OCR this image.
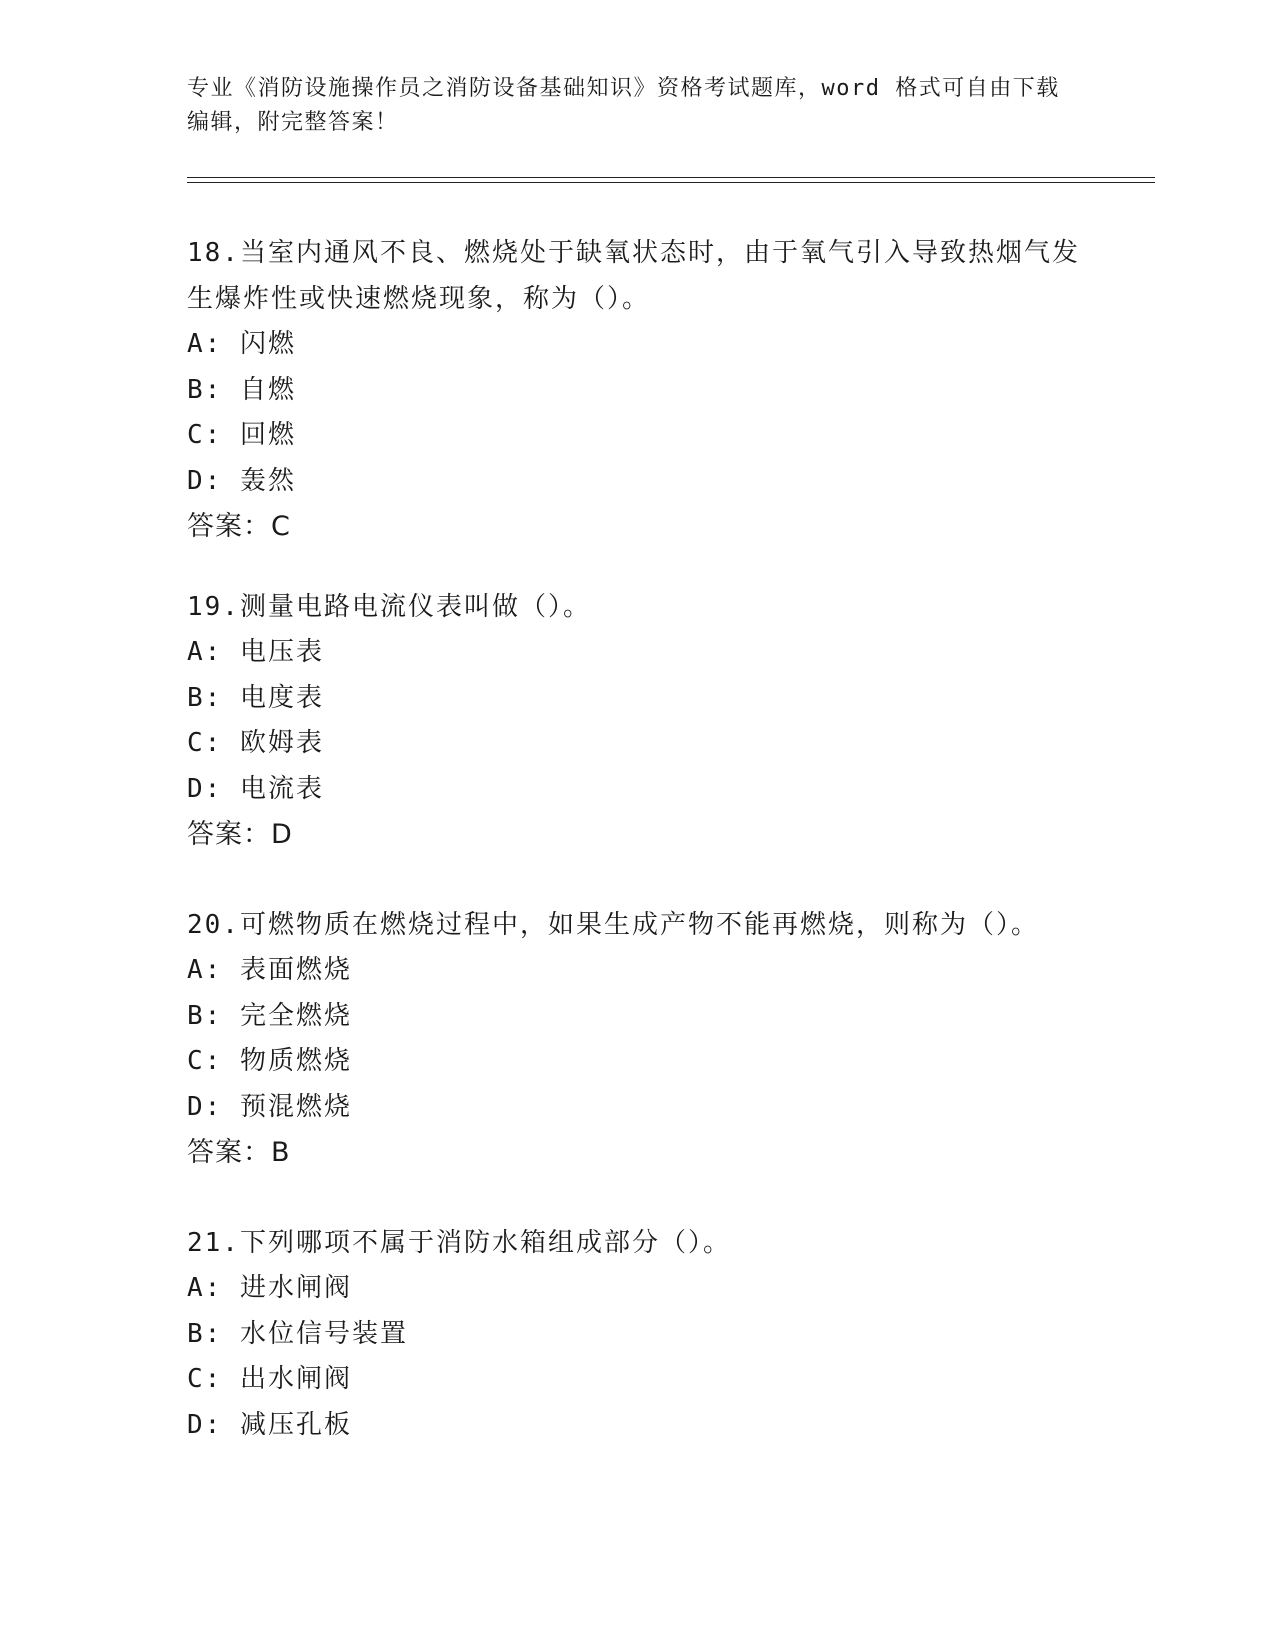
专业《消防设施操作员之消防设备基础知识》资格考试题库，word 格式可自由下载编辑，附完整答案！
18.当室内通风不良、燃烧处于缺氧状态时，由于氧气引入导致热烟气发生爆炸性或快速燃烧现象，称为（）。
A: 闪燃
B: 自燃
C: 回燃
D: 轰然
答案：C
19.测量电路电流仪表叫做（）。
A: 电压表
B: 电度表
C: 欧姆表
D: 电流表
答案：D
20.可燃物质在燃烧过程中，如果生成产物不能再燃烧，则称为（）。
A: 表面燃烧
B: 完全燃烧
C: 物质燃烧
D: 预混燃烧
答案：B
21.下列哪项不属于消防水箱组成部分（）。
A: 进水闸阀
B: 水位信号装置
C: 出水闸阀
D: 减压孔板
